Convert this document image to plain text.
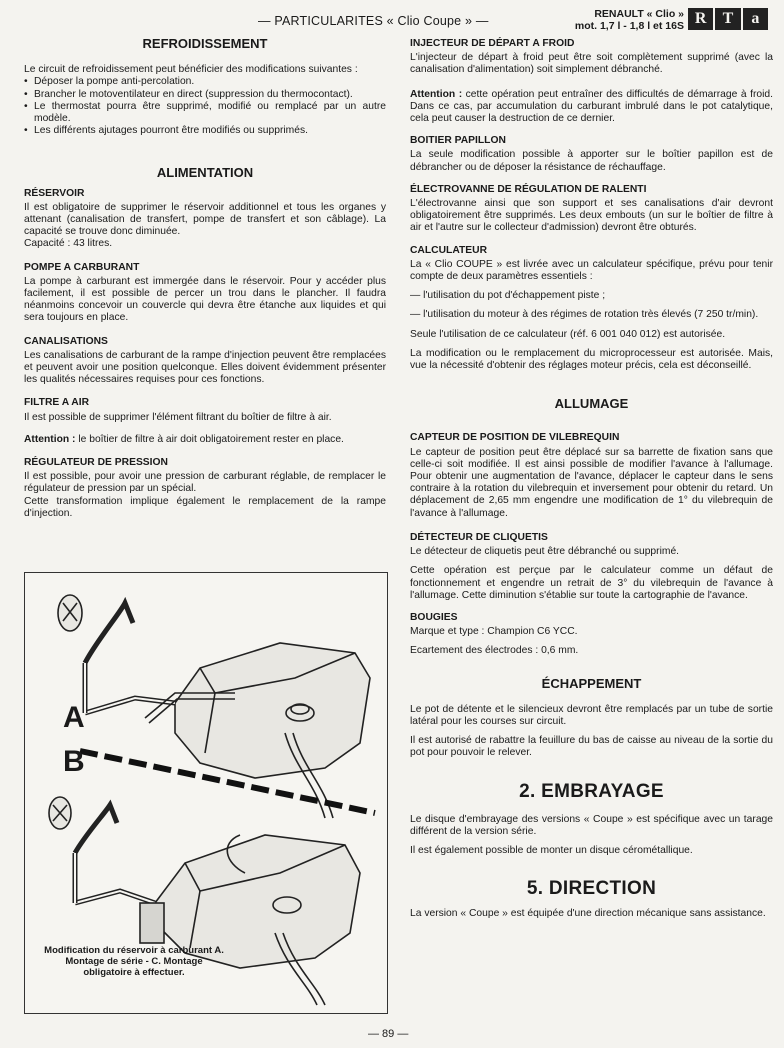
— PARTICULARITES « Clio Coupe » —	RENAULT « Clio »
mot. 1,7 l - 1,8 l et 16S R	T	a
REFROIDISSEMENT

Le circuit de refroidissement peut bénéficier des modifications suivantes :

• Déposer la pompe anti-percolation.
• Brancher le motoventilateur en direct (suppression du thermocontact).
• Le thermostat pourra être supprimé, modifié ou remplacé par un autre modèle.
• Les différents ajutages pourront être modifiés ou supprimés.
ALIMENTATION
RÉSERVOIR

Il est obligatoire de supprimer le réservoir additionnel et tous les organes y attenant (canalisation de transfert, pompe de transfert et son câblage). La capacité se trouve donc diminuée.

Capacité : 43 litres.

POMPE A CARBURANT

La pompe à carburant est immergée dans le réservoir. Pour y accéder plus facilement, il est possible de percer un trou dans le plancher. Il faudra néanmoins concevoir un couvercle qui devra être étanche aux liquides et qui sera toujours en place.

CANALISATIONS

Les canalisations de carburant de la rampe d'injection peuvent être remplacées et peuvent avoir une position quelconque. Elles doivent évidemment présenter les qualités nécessaires requises pour ces fonctions.

FILTRE A AIR

Il est possible de supprimer l'élément filtrant du boîtier de filtre à air.

Attention : le boîtier de filtre à air doit obligatoirement rester en place.

RÉGULATEUR DE PRESSION

Il est possible, pour avoir une pression de carburant réglable, de remplacer le régulateur de pression par un spécial.

Cette transformation implique également le remplacement de la rampe d'injection.

A
B
Modification du réservoir à carburant A. Montage de série - C. Montage obligatoire à effectuer.
INJECTEUR DE DÉPART A FROID

L'injecteur de départ à froid peut être soit complètement supprimé (avec la canalisation d'alimentation) soit simplement débranché.

Attention : cette opération peut entraîner des difficultés de démarrage à froid. Dans ce cas, par accumulation du carburant imbrulé dans le pot catalytique, cela peut causer la destruction de ce dernier.

BOITIER PAPILLON

La seule modification possible à apporter sur le boîtier papillon est de débrancher ou de déposer la résistance de réchauffage.

ÉLECTROVANNE DE RÉGULATION DE RALENTI

L'électrovanne ainsi que son support et ses canalisations d'air devront obligatoirement être supprimés. Les deux embouts (un sur le boîtier de filtre à air et l'autre sur le collecteur d'admission) devront être obturés.

CALCULATEUR

La « Clio COUPE » est livrée avec un calculateur spécifique, prévu pour tenir compte de deux paramètres essentiels :

— l'utilisation du pot d'échappement piste ;

— l'utilisation du moteur à des régimes de rotation très élevés (7 250 tr/min).

Seule l'utilisation de ce calculateur (réf. 6 001 040 012) est autorisée.

La modification ou le remplacement du microprocesseur est autorisée. Mais, vue la nécessité d'obtenir des réglages moteur précis, cela est déconseillé.

ALLUMAGE
CAPTEUR DE POSITION DE VILEBREQUIN

Le capteur de position peut être déplacé sur sa barrette de fixation sans que celle-ci soit modifiée. Il est ainsi possible de modifier l'avance à l'allumage. Pour obtenir une augmentation de l'avance, déplacer le capteur dans le sens contraire à la rotation du vilebrequin et inversement pour obtenir du retard. Un déplacement de 2,65 mm engendre une modification de 1° du vilebrequin de l'avance à l'allumage.

DÉTECTEUR DE CLIQUETIS

Le détecteur de cliquetis peut être débranché ou supprimé.

Cette opération est perçue par le calculateur comme un défaut de fonctionnement et engendre un retrait de 3° du vilebrequin de l'avance à l'allumage. Cette diminution s'établie sur toute la cartographie de l'avance.

BOUGIES

Marque et type : Champion C6 YCC.

Ecartement des électrodes : 0,6 mm.

ÉCHAPPEMENT

Le pot de détente et le silencieux devront être remplacés par un tube de sortie latéral pour les courses sur circuit.

Il est autorisé de rabattre la feuillure du bas de caisse au niveau de la sortie du pot pour pouvoir le relever.

2. EMBRAYAGE

Le disque d'embrayage des versions « Coupe » est spécifique avec un tarage différent de la version série.

Il est également possible de monter un disque cérométallique.

5. DIRECTION

La version « Coupe » est équipée d'une direction mécanique sans assistance.

— 89 —
